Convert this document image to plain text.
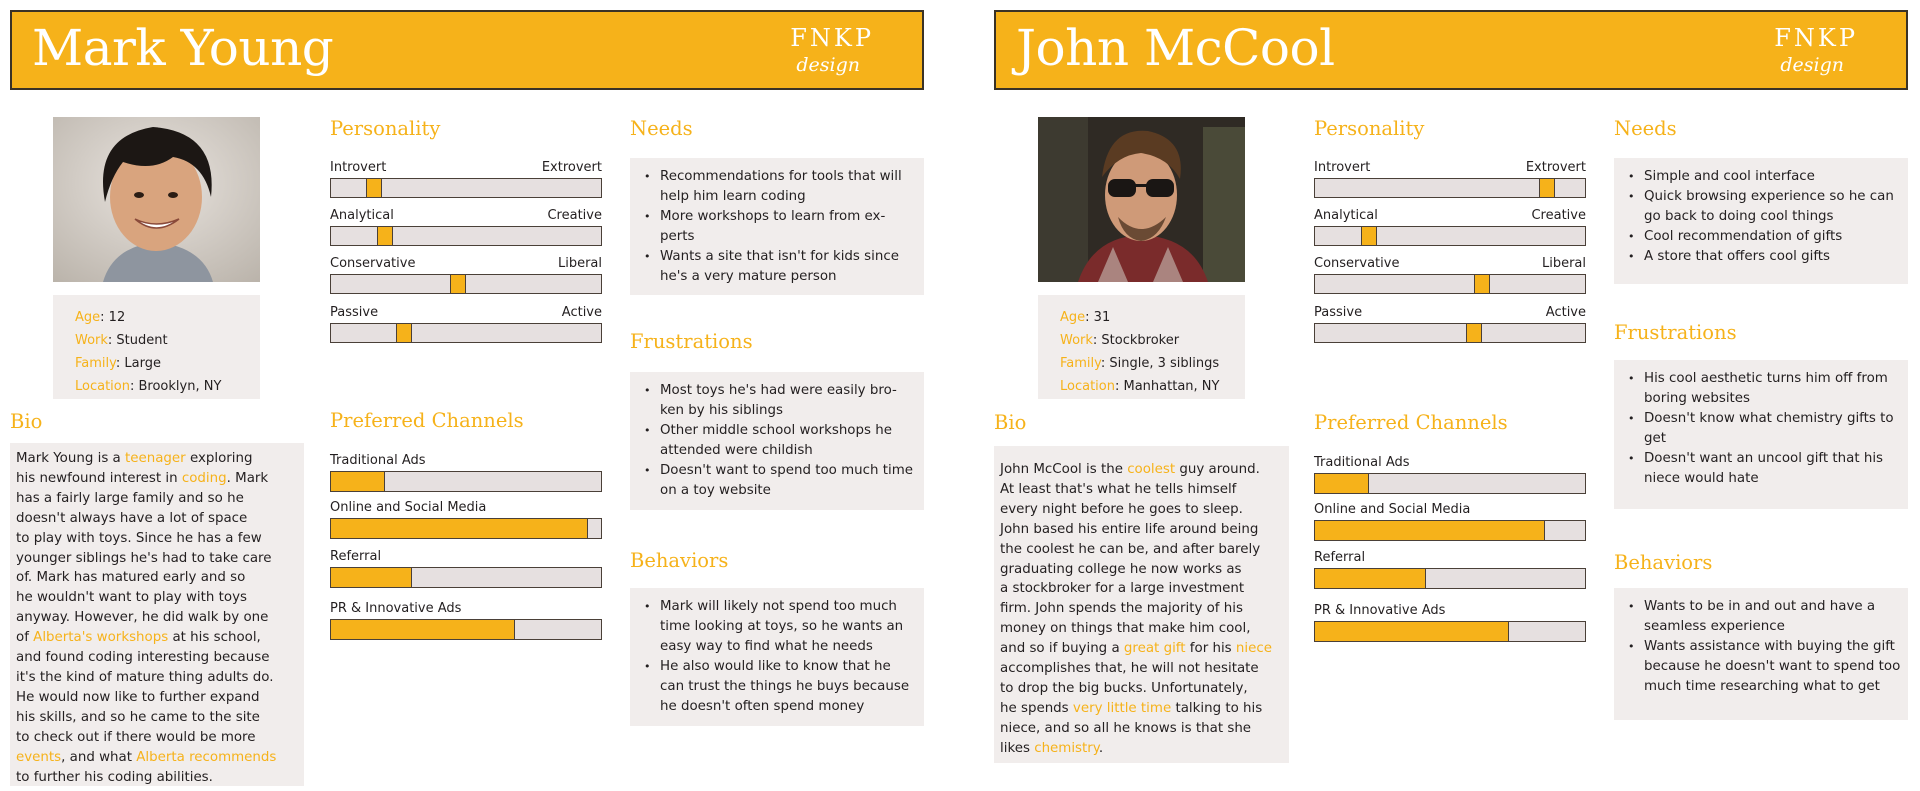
Mark Young	FNKP
design
Age: 12
Work: Student
Family: Large
Location: Brooklyn, NY
Bio
Mark Young is a teenager exploring
his newfound interest in coding. Mark
has a fairly large family and so he
doesn't always have a lot of space
to play with toys. Since he has a few
younger siblings he's had to take care
of. Mark has matured early and so
he wouldn't want to play with toys
anyway. However, he did walk by one
of Alberta's workshops at his school,
and found coding interesting because
it's the kind of mature thing adults do.
He would now like to further expand
his skills, and so he came to the site
to check out if there would be more
events, and what Alberta recommends
to further his coding abilities.
Personality
Introvert	Extrovert
Analytical	Creative
Conservative	Liberal
Passive	Active
Preferred Channels
Traditional Ads
Online and Social Media
Referral
PR & Innovative Ads
Needs
• Recommendations for tools that will help him learn coding
• More workshops to learn from ex-perts
• Wants a site that isn't for kids since he's a very mature person
Frustrations
• Most toys he's had were easily bro-ken by his siblings
• Other middle school workshops he attended were childish
• Doesn't want to spend too much time on a toy website
Behaviors
• Mark will likely not spend too much time looking at toys, so he wants an easy way to find what he needs
• He also would like to know that he can trust the things he buys because he doesn't often spend money
John McCool	FNKP
design
Age: 31
Work: Stockbroker
Family: Single, 3 siblings
Location: Manhattan, NY
Bio
John McCool is the coolest guy around.
At least that's what he tells himself
every night before he goes to sleep.
John based his entire life around being
the coolest he can be, and after barely
graduating college he now works as
a stockbroker for a large investment
firm. John spends the majority of his
money on things that make him cool,
and so if buying a great gift for his niece
accomplishes that, he will not hesitate
to drop the big bucks. Unfortunately,
he spends very little time talking to his
niece, and so all he knows is that she
likes chemistry.
Personality
Introvert	Extrovert
Analytical	Creative
Conservative	Liberal
Passive	Active
Preferred Channels
Traditional Ads
Online and Social Media
Referral
PR & Innovative Ads
Needs
• Simple and cool interface
• Quick browsing experience so he can go back to doing cool things
• Cool recommendation of gifts
• A store that offers cool gifts
Frustrations
• His cool aesthetic turns him off from boring websites
• Doesn't know what chemistry gifts to get
• Doesn't want an uncool gift that his niece would hate
Behaviors
• Wants to be in and out and have a seamless experience
• Wants assistance with buying the gift because he doesn't want to spend too much time researching what to get
